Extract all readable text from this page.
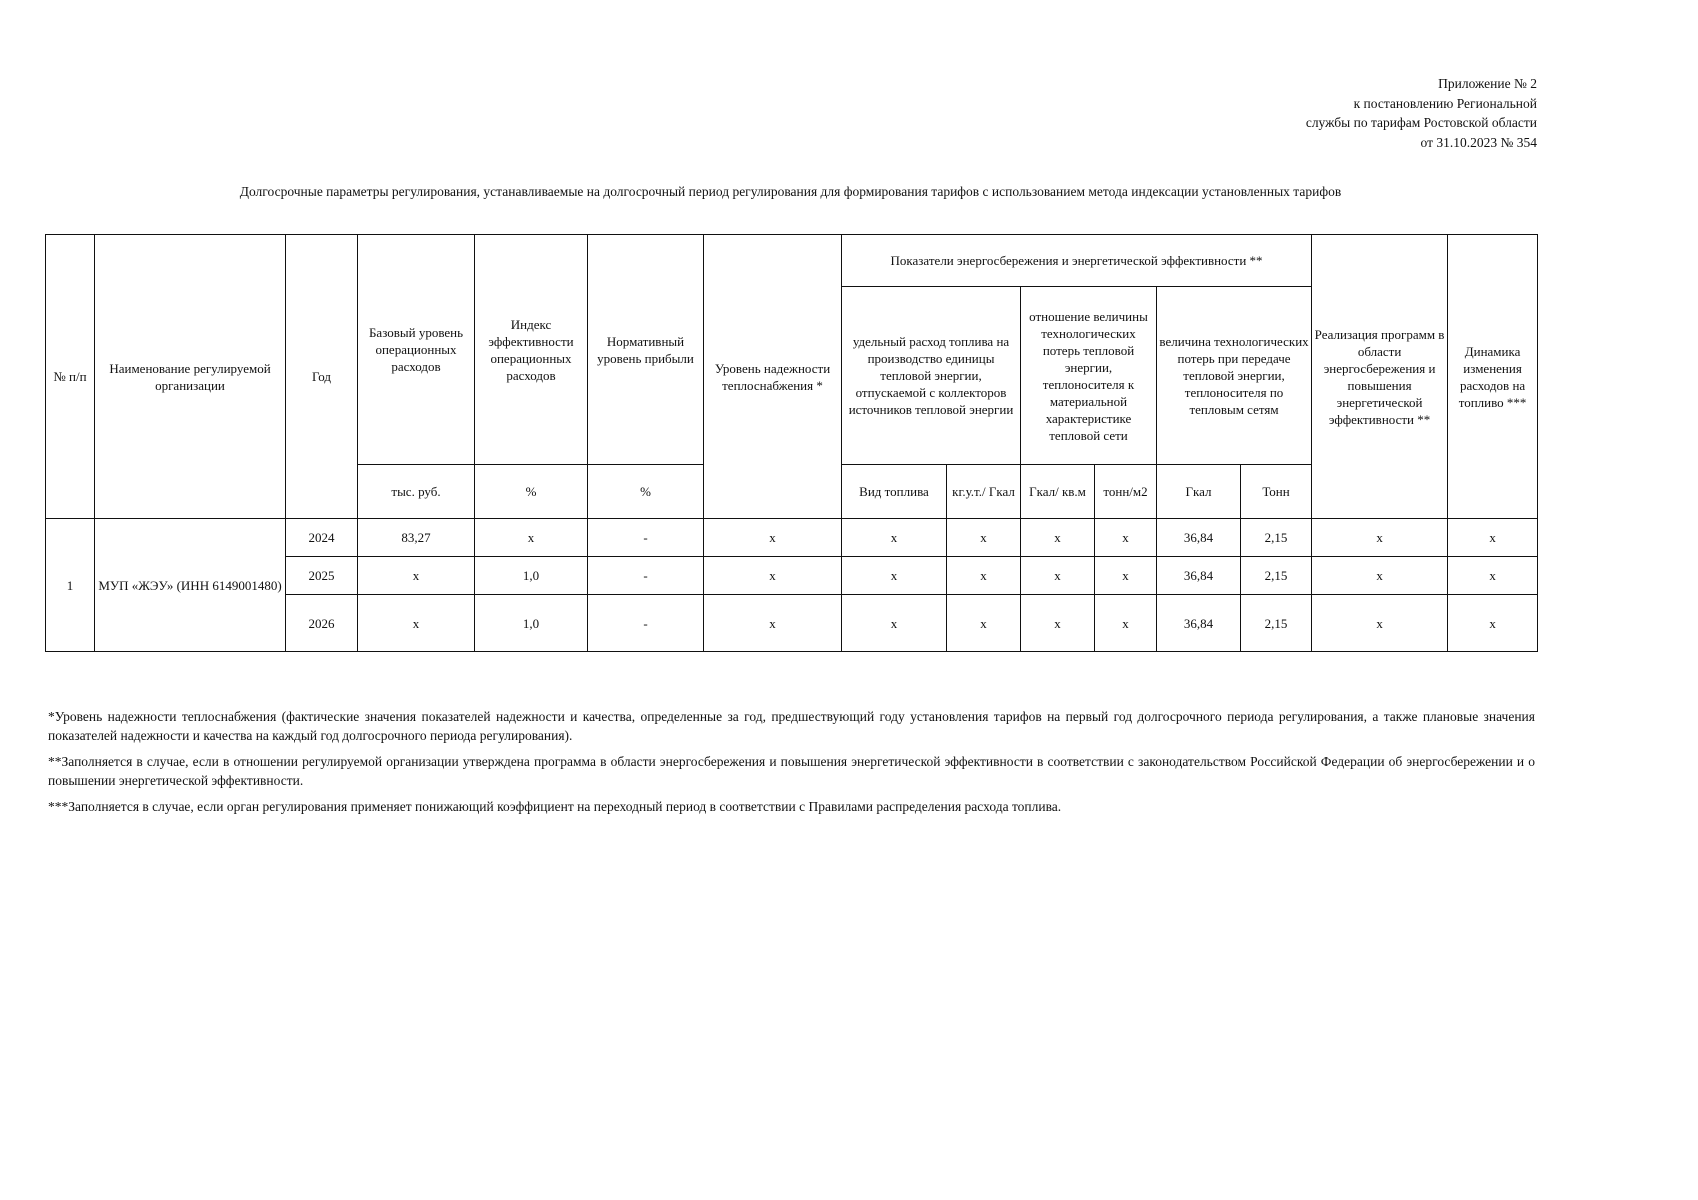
Приложение № 2
к постановлению Региональной
службы по тарифам Ростовской области
от 31.10.2023 № 354
Долгосрочные параметры регулирования, устанавливаемые на долгосрочный период регулирования для формирования тарифов с использованием метода индексации установленных тарифов
№ п/п	Наименование регулируемой организации	Год	Базовый уровень операционных расходов	Индекс эффективности операционных расходов	Нормативный уровень прибыли	Уровень надежности теплоснабжения *	Показатели энергосбережения и энергетической эффективности **						Реализация программ в области энергосбережения и повышения энергетической эффективности **	Динамика изменения расходов на топливо ***
							удельный расход топлива на производство единицы тепловой энергии, отпускаемой с коллекторов источников тепловой энергии		отношение величины технологических потерь тепловой энергии, теплоносителя к материальной характеристике тепловой сети		величина технологических потерь при передаче тепловой энергии, теплоносителя по тепловым сетям			
			тыс. руб.	%	%		Вид топлива	кг.у.т./ Гкал	Гкал/ кв.м	тонн/м2	Гкал	Тонн		
1	МУП «ЖЭУ» (ИНН 6149001480)	2024	83,27	x	-	x	x	x	x	x	36,84	2,15	x	x
		2025	x	1,0	-	x	x	x	x	x	36,84	2,15	x	x
		2026	x	1,0	-	x	x	x	x	x	36,84	2,15	x	x

*Уровень надежности теплоснабжения (фактические значения показателей надежности и качества, определенные за год, предшествующий году установления тарифов на первый год долгосрочного периода регулирования, а также плановые значения показателей надежности и качества на каждый год долгосрочного периода регулирования).

**Заполняется в случае, если в отношении регулируемой организации утверждена программа в области энергосбережения и повышения энергетической эффективности в соответствии с законодательством Российской Федерации об энергосбережении и о повышении энергетической эффективности.

***Заполняется в случае, если орган регулирования применяет понижающий коэффициент на переходный период в соответствии с Правилами распределения расхода топлива.
